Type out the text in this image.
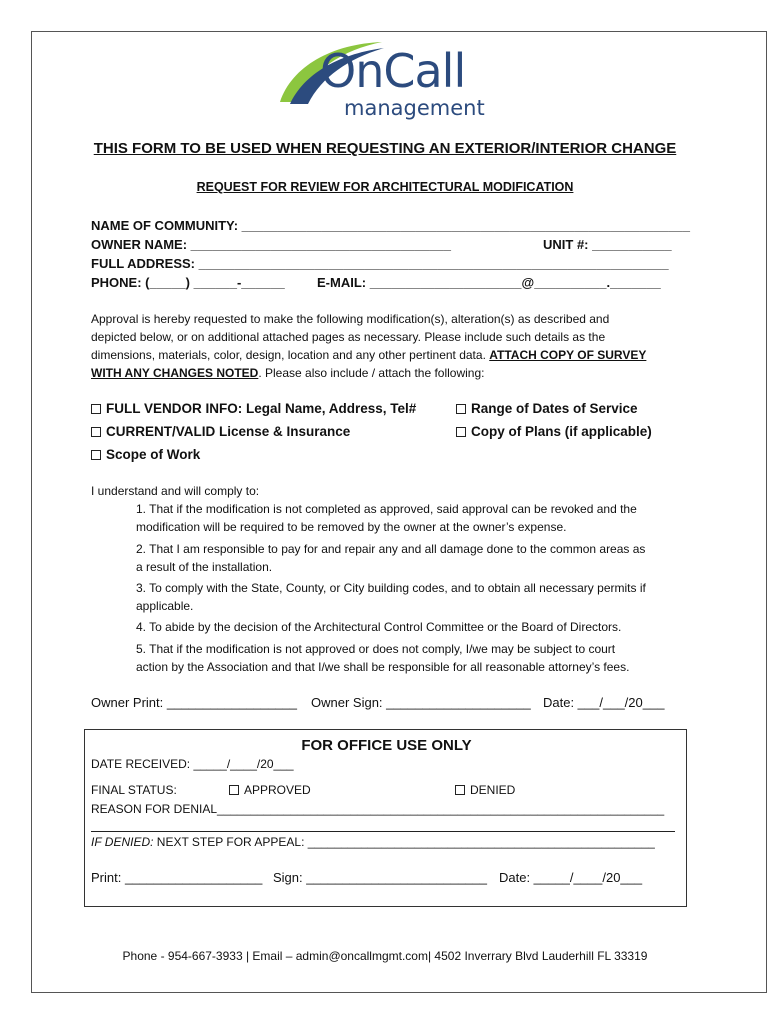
OnCall
management
THIS FORM TO BE USED WHEN REQUESTING AN EXTERIOR/INTERIOR CHANGE
REQUEST FOR REVIEW FOR ARCHITECTURAL MODIFICATION
NAME OF COMMUNITY: ______________________________________________________________
OWNER NAME: ____________________________________	UNIT #: ___________
FULL ADDRESS: _________________________________________________________________
PHONE: (_____) ______-______ E-MAIL: _____________________@__________._______
Approval is hereby requested to make the following modification(s), alteration(s) as described and
depicted below, or on additional attached pages as necessary. Please include such details as the
dimensions, materials, color, design, location and any other pertinent data. ATTACH COPY OF SURVEY
WITH ANY CHANGES NOTED. Please also include / attach the following:
FULL VENDOR INFO: Legal Name, Address, Tel#
CURRENT/VALID License & Insurance
Scope of Work
Range of Dates of Service
Copy of Plans (if applicable)
I understand and will comply to:
1. That if the modification is not completed as approved, said approval can be revoked and the
modification will be required to be removed by the owner at the owner’s expense.
2. That I am responsible to pay for and repair any and all damage done to the common areas as
a result of the installation.
3. To comply with the State, County, or City building codes, and to obtain all necessary permits if
applicable.
4. To abide by the decision of the Architectural Control Committee or the Board of Directors.
5. That if the modification is not approved or does not comply, I/we may be subject to court
action by the Association and that I/we shall be responsible for all reasonable attorney’s fees.
Owner Print: __________________ Owner Sign: ____________________ Date: ___/___/20___
FOR OFFICE USE ONLY
DATE RECEIVED: _____/____/20___
FINAL STATUS:	APPROVED	DENIED
REASON FOR DENIAL___________________________________________________________________
IF DENIED: NEXT STEP FOR APPEAL: ____________________________________________________
Print: ___________________ Sign: _________________________ Date: _____/____/20___
Phone - 954-667-3933 | Email – admin@oncallmgmt.com| 4502 Inverrary Blvd Lauderhill FL 33319
